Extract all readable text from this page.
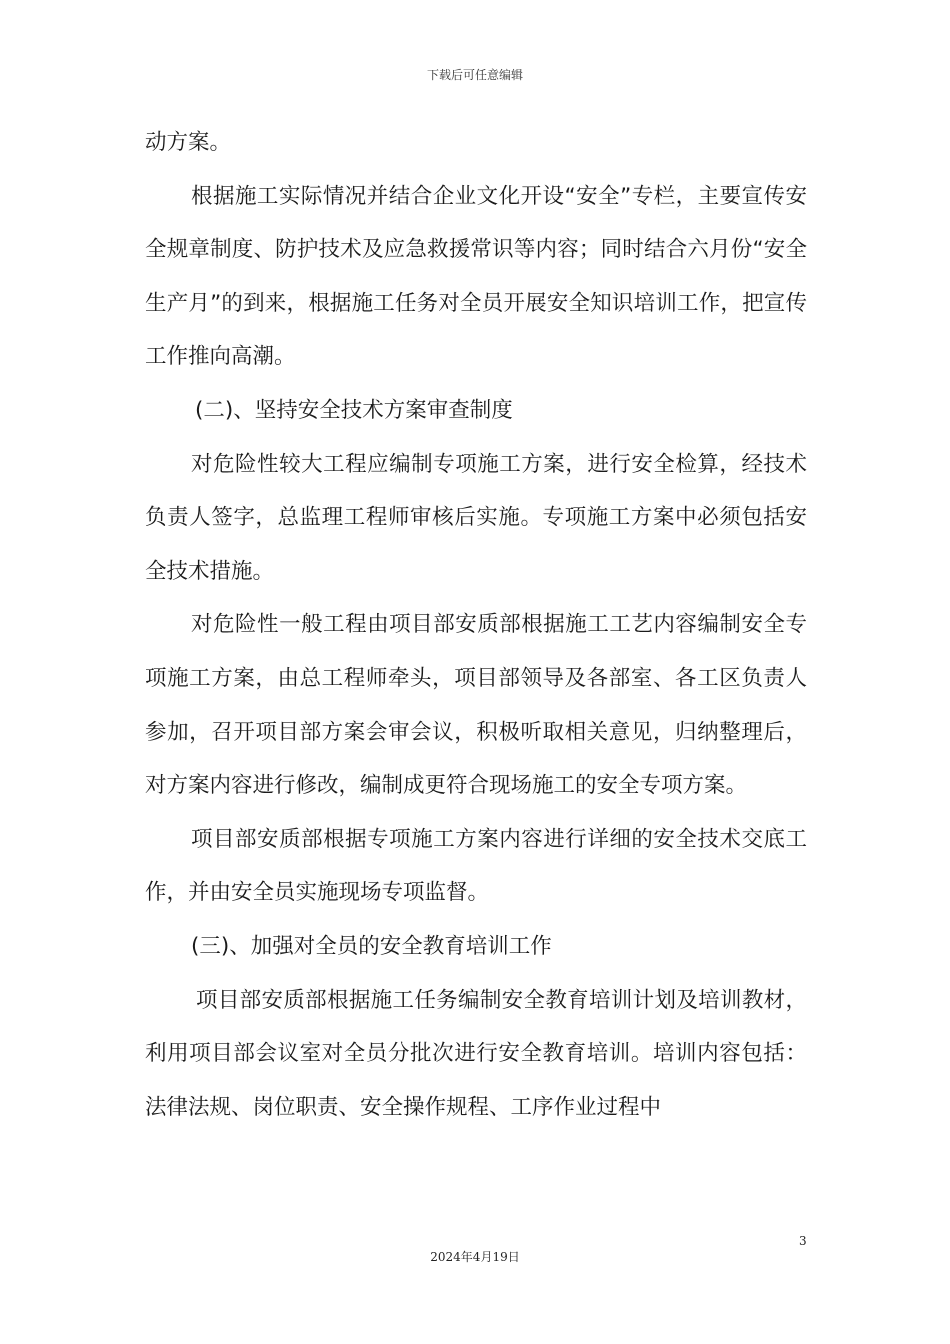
下载后可任意编辑

动方案。

根据施工实际情况并结合企业文化开设“安全”专栏，主要宣传安全规章制度、防护技术及应急救援常识等内容；同时结合六月份“安全生产月”的到来，根据施工任务对全员开展安全知识培训工作，把宣传工作推向高潮。

(二)、坚持安全技术方案审查制度

对危险性较大工程应编制专项施工方案，进行安全检算，经技术负责人签字，总监理工程师审核后实施。专项施工方案中必须包括安全技术措施。

对危险性一般工程由项目部安质部根据施工工艺内容编制安全专项施工方案，由总工程师牵头，项目部领导及各部室、各工区负责人参加，召开项目部方案会审会议，积极听取相关意见，归纳整理后，对方案内容进行修改，编制成更符合现场施工的安全专项方案。

项目部安质部根据专项施工方案内容进行详细的安全技术交底工作，并由安全员实施现场专项监督。

(三)、加强对全员的安全教育培训工作

项目部安质部根据施工任务编制安全教育培训计划及培训教材，利用项目部会议室对全员分批次进行安全教育培训。培训内容包括：法律法规、岗位职责、安全操作规程、工序作业过程中

3
2024年4月19日
